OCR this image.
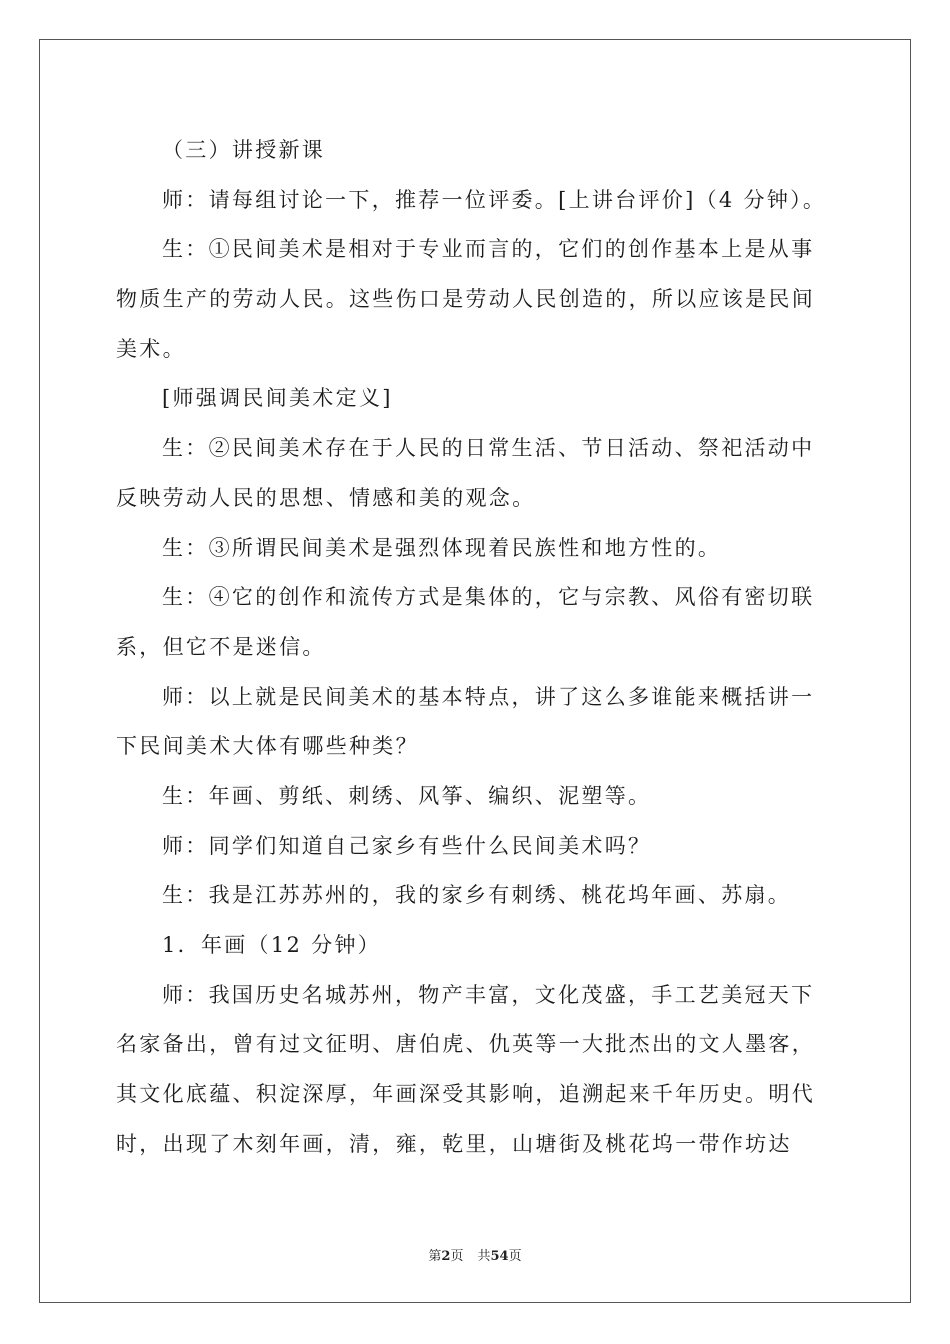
（三）讲授新课
师：请每组讨论一下，推荐一位评委。[上讲台评价]（4 分钟）。
生：①民间美术是相对于专业而言的，它们的创作基本上是从事
物质生产的劳动人民。这些伤口是劳动人民创造的，所以应该是民间
美术。
[师强调民间美术定义]
生：②民间美术存在于人民的日常生活、节日活动、祭祀活动中
反映劳动人民的思想、情感和美的观念。
生：③所谓民间美术是强烈体现着民族性和地方性的。
生：④它的创作和流传方式是集体的，它与宗教、风俗有密切联
系，但它不是迷信。
师：以上就是民间美术的基本特点，讲了这么多谁能来概括讲一
下民间美术大体有哪些种类？
生：年画、剪纸、刺绣、风筝、编织、泥塑等。
师：同学们知道自己家乡有些什么民间美术吗？
生：我是江苏苏州的，我的家乡有刺绣、桃花坞年画、苏扇。
1．年画（12 分钟）
师：我国历史名城苏州，物产丰富，文化茂盛，手工艺美冠天下
名家备出，曾有过文征明、唐伯虎、仇英等一大批杰出的文人墨客，
其文化底蕴、积淀深厚，年画深受其影响，追溯起来千年历史。明代
时，出现了木刻年画，清，雍，乾里，山塘街及桃花坞一带作坊达
第2页 共54页
